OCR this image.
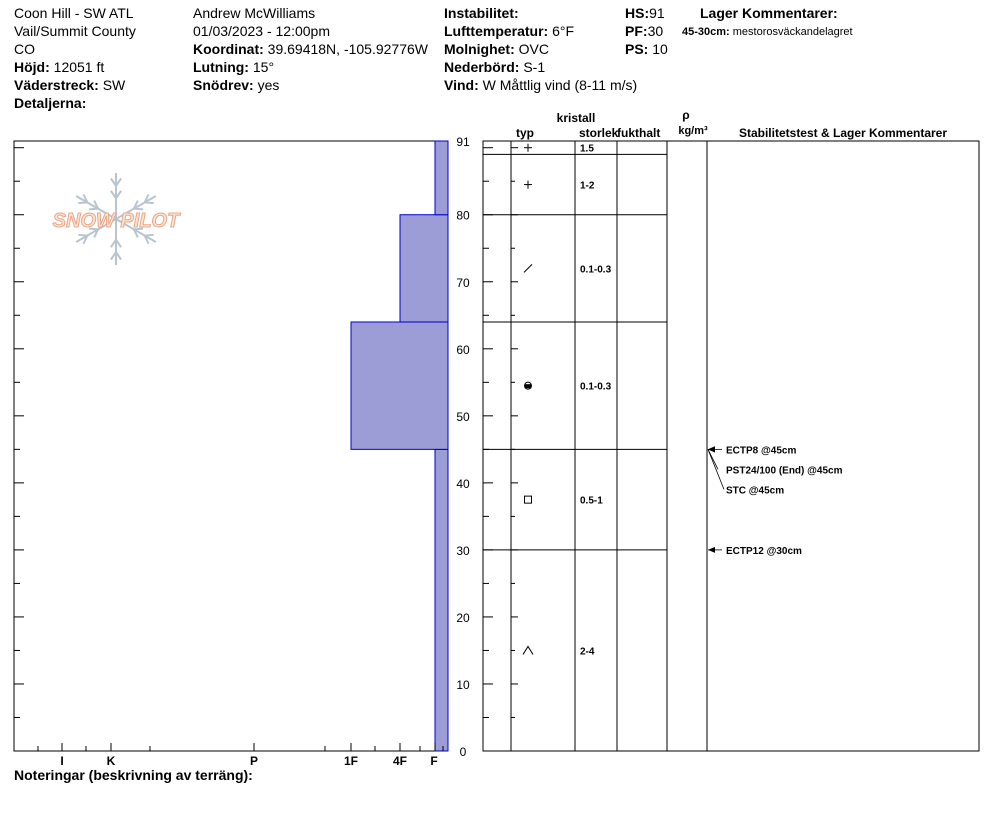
Coon Hill - SW ATL
Vail/Summit County
CO
Höjd: 12051 ft
Väderstreck: SW
Detaljerna:
Andrew McWilliams
01/03/2023 - 12:00pm
Koordinat: 39.69418N, -105.92776W
Lutning: 15°
Snödrev: yes
Instabilitet:
Lufttemperatur: 6°F
Molnighet: OVC
Nederbörd: S-1
Vind: W Måttlig vind (8-11 m/s)
HS:91
PF:30
PS: 10
Lager Kommentarer:
45-30cm: mestorosväckandelagret
SNOW PILOT
0
10
20
30
40
50
60
70
80
91
1.5
1-2
0.1-0.3
0.1-0.3
0.5-1
2-4
ECTP8 @45cm
PST24/100 (End) @45cm
STC @45cm
ECTP12 @30cm
typ
kristall
storlek
fukthalt
ρ
kg/m³	Stabilitetstest & Lager Kommentarer
I	K	P	1F	4F F
Noteringar (beskrivning av terräng):
